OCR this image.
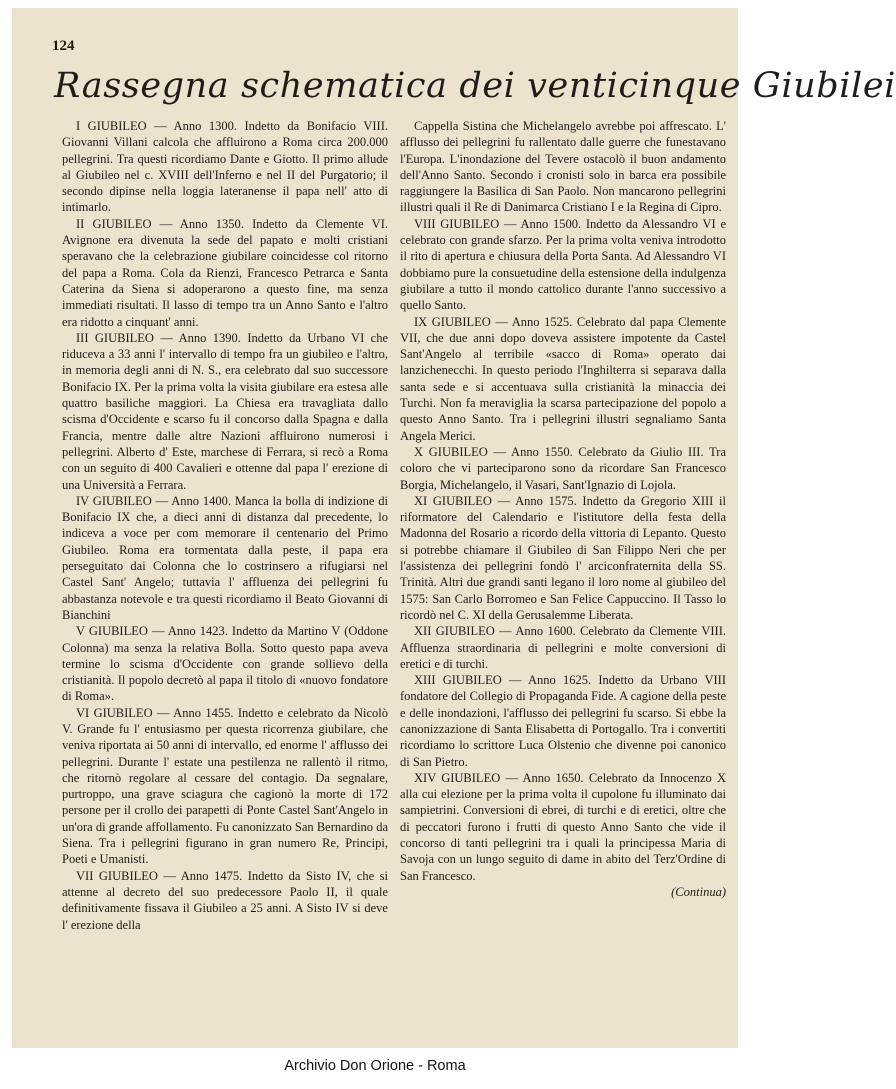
124
Rassegna schematica dei venticinque Giubilei

I GIUBILEO — Anno 1300. Indetto da Bonifacio VIII. Giovanni Villani calcola che affluirono a Roma circa 200.000 pellegrini. Tra questi ricordiamo Dante e Giotto. Il primo allude al Giubileo nel c. XVIII dell'Inferno e nel II del Purgatorio; il secondo dipinse nella loggia lateranense il papa nell' atto di intimarlo.

II GIUBILEO — Anno 1350. Indetto da Clemente VI. Avignone era divenuta la sede del papato e molti cristiani speravano che la celebrazione giubilare coincidesse col ritorno del papa a Roma. Cola da Rienzi, Francesco Petrarca e Santa Caterina da Siena si adoperarono a questo fine, ma senza immediati risultati. Il lasso di tempo tra un Anno Santo e l'altro era ridotto a cinquant' anni.

III GIUBILEO — Anno 1390. Indetto da Urbano VI che riduceva a 33 anni l' intervallo di tempo fra un giubileo e l'altro, in memoria degli anni di N. S., era celebrato dal suo successore Bonifacio IX. Per la prima volta la visita giubilare era estesa alle quattro basiliche maggiori. La Chiesa era travagliata dallo scisma d'Occidente e scarso fu il concorso dalla Spagna e dalla Francia, mentre dalle altre Nazioni affluirono numerosi i pellegrini. Alberto d' Este, marchese di Ferrara, si recò a Roma con un seguito di 400 Cavalieri e ottenne dal papa l' erezione di una Università a Ferrara.

IV GIUBILEO — Anno 1400. Manca la bolla di indizione di Bonifacio IX che, a dieci anni di distanza dal precedente, lo indiceva a voce per com memorare il centenario del Primo Giubileo. Roma era tormentata dalla peste, il papa era perseguitato dai Colonna che lo costrinsero a rifugiarsi nel Castel Sant' Angelo; tuttavia l' affluenza dei pellegrini fu abbastanza notevole e tra questi ricordiamo il Beato Giovanni di Bianchini

V GIUBILEO — Anno 1423. Indetto da Martino V (Oddone Colonna) ma senza la relativa Bolla. Sotto questo papa aveva termine lo scisma d'Occidente con grande sollievo della cristianità. Il popolo decretò al papa il titolo di «nuovo fondatore di Roma».

VI GIUBILEO — Anno 1455. Indetto e celebrato da Nicolò V. Grande fu l' entusiasmo per questa ricorrenza giubilare, che veniva riportata ai 50 anni di intervallo, ed enorme l' afflusso dei pellegrini. Durante l' estate una pestilenza ne rallentò il ritmo, che ritornò regolare al cessare del contagio. Da segnalare, purtroppo, una grave sciagura che cagionò la morte di 172 persone per il crollo dei parapetti di Ponte Castel Sant'Angelo in un'ora di grande affollamento. Fu canonizzato San Bernardino da Siena. Tra i pellegrini figurano in gran numero Re, Principi, Poeti e Umanisti.

VII GIUBILEO — Anno 1475. Indetto da Sisto IV, che si attenne al decreto del suo predecessore Paolo II, il quale definitivamente fissava il Giubileo a 25 anni. A Sisto IV si deve l' erezione della

Cappella Sistina che Michelangelo avrebbe poi affrescato. L' afflusso dei pellegrini fu rallentato dalle guerre che funestavano l'Europa. L'inondazione del Tevere ostacolò il buon andamento dell'Anno Santo. Secondo i cronisti solo in barca era possibile raggiungere la Basilica di San Paolo. Non mancarono pellegrini illustri quali il Re di Danimarca Cristiano I e la Regina di Cipro.

VIII GIUBILEO — Anno 1500. Indetto da Alessandro VI e celebrato con grande sfarzo. Per la prima volta veniva introdotto il rito di apertura e chiusura della Porta Santa. Ad Alessandro VI dobbiamo pure la consuetudine della estensione della indulgenza giubilare a tutto il mondo cattolico durante l'anno successivo a quello Santo.

IX GIUBILEO — Anno 1525. Celebrato dal papa Clemente VII, che due anni dopo doveva assistere impotente da Castel Sant'Angelo al terribile «sacco di Roma» operato dai lanzichenecchi. In questo periodo l'Inghilterra si separava dalla santa sede e si accentuava sulla cristianità la minaccia dei Turchi. Non fa meraviglia la scarsa partecipazione del popolo a questo Anno Santo. Tra i pellegrini illustri segnaliamo Santa Angela Merici.

X GIUBILEO — Anno 1550. Celebrato da Giulio III. Tra coloro che vi parteciparono sono da ricordare San Francesco Borgia, Michelangelo, il Vasari, Sant'Ignazio di Lojola.

XI GIUBILEO — Anno 1575. Indetto da Gregorio XIII il riformatore del Calendario e l'istitutore della festa della Madonna del Rosario a ricordo della vittoria di Lepanto. Questo si potrebbe chiamare il Giubileo di San Filippo Neri che per l'assistenza dei pellegrini fondò l' arciconfraternita della SS. Trinità. Altri due grandi santi legano il loro nome al giubileo del 1575: San Carlo Borromeo e San Felice Cappuccino. Il Tasso lo ricordò nel C. XI della Gerusalemme Liberata.

XII GIUBILEO — Anno 1600. Celebrato da Clemente VIII. Affluenza straordinaria di pellegrini e molte conversioni di eretici e di turchi.

XIII GIUBILEO — Anno 1625. Indetto da Urbano VIII fondatore del Collegio di Propaganda Fide. A cagione della peste e delle inondazioni, l'afflusso dei pellegrini fu scarso. Si ebbe la canonizzazione di Santa Elisabetta di Portogallo. Tra i convertiti ricordiamo lo scrittore Luca Olstenio che divenne poi canonico di San Pietro.

XIV GIUBILEO — Anno 1650. Celebrato da Innocenzo X alla cui elezione per la prima volta il cupolone fu illuminato dai sampietrini. Conversioni di ebrei, di turchi e di eretici, oltre che di peccatori furono i frutti di questo Anno Santo che vide il concorso di tanti pellegrini tra i quali la principessa Maria di Savoja con un lungo seguito di dame in abito del Terz'Ordine di San Francesco.

(Continua)

Archivio Don Orione - Roma
